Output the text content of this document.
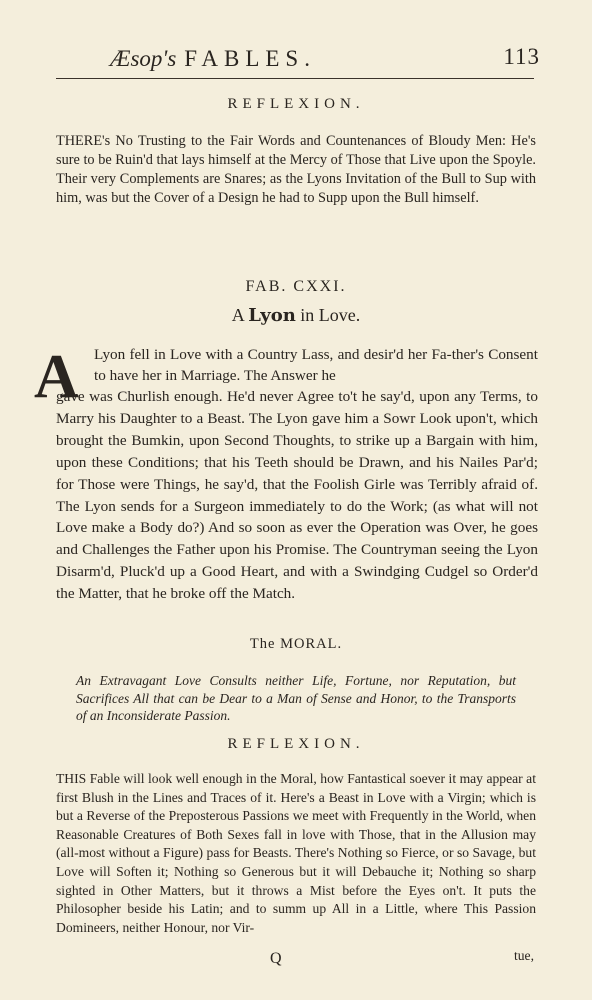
Æsop's FABLES.	113
REFLEXION.

THERE's No Trusting to the Fair Words and Countenances of Bloudy Men: He's sure to be Ruin'd that lays himself at the Mercy of Those that Live upon the Spoyle. Their very Complements are Snares; as the Lyons Invitation of the Bull to Sup with him, was but the Cover of a Design he had to Supp upon the Bull himself.

FAB. CXXI.
A Lyon in Love.
A Lyon fell in Love with a Country Lass, and desir'd her Fa-ther's Consent to have her in Marriage. The Answer he
gave was Churlish enough. He'd never Agree to't he say'd, upon any Terms, to Marry his Daughter to a Beast. The Lyon gave him a Sowr Look upon't, which brought the Bumkin, upon Second Thoughts, to strike up a Bargain with him, upon these Conditions; that his Teeth should be Drawn, and his Nailes Par'd; for Those were Things, he say'd, that the Foolish Girle was Terribly afraid of. The Lyon sends for a Surgeon immediately to do the Work; (as what will not Love make a Body do?) And so soon as ever the Operation was Over, he goes and Challenges the Father upon his Promise. The Countryman seeing the Lyon Disarm'd, Pluck'd up a Good Heart, and with a Swindging Cudgel so Order'd the Matter, that he broke off the Match.
The MORAL.
An Extravagant Love Consults neither Life, Fortune, nor Reputation, but Sacrifices All that can be Dear to a Man of Sense and Honor, to the Transports of an Inconsiderate Passion.
REFLEXION.
THIS Fable will look well enough in the Moral, how Fantastical soever it may appear at first Blush in the Lines and Traces of it. Here's a Beast in Love with a Virgin; which is but a Reverse of the Preposterous Passions we meet with Frequently in the World, when Reasonable Creatures of Both Sexes fall in love with Those, that in the Allusion may (all-most without a Figure) pass for Beasts. There's Nothing so Fierce, or so Savage, but Love will Soften it; Nothing so Generous but it will Debauche it; Nothing so sharp sighted in Other Matters, but it throws a Mist before the Eyes on't. It puts the Philosopher beside his Latin; and to summ up All in a Little, where This Passion Domineers, neither Honour, nor Vir-
Q	tue,
